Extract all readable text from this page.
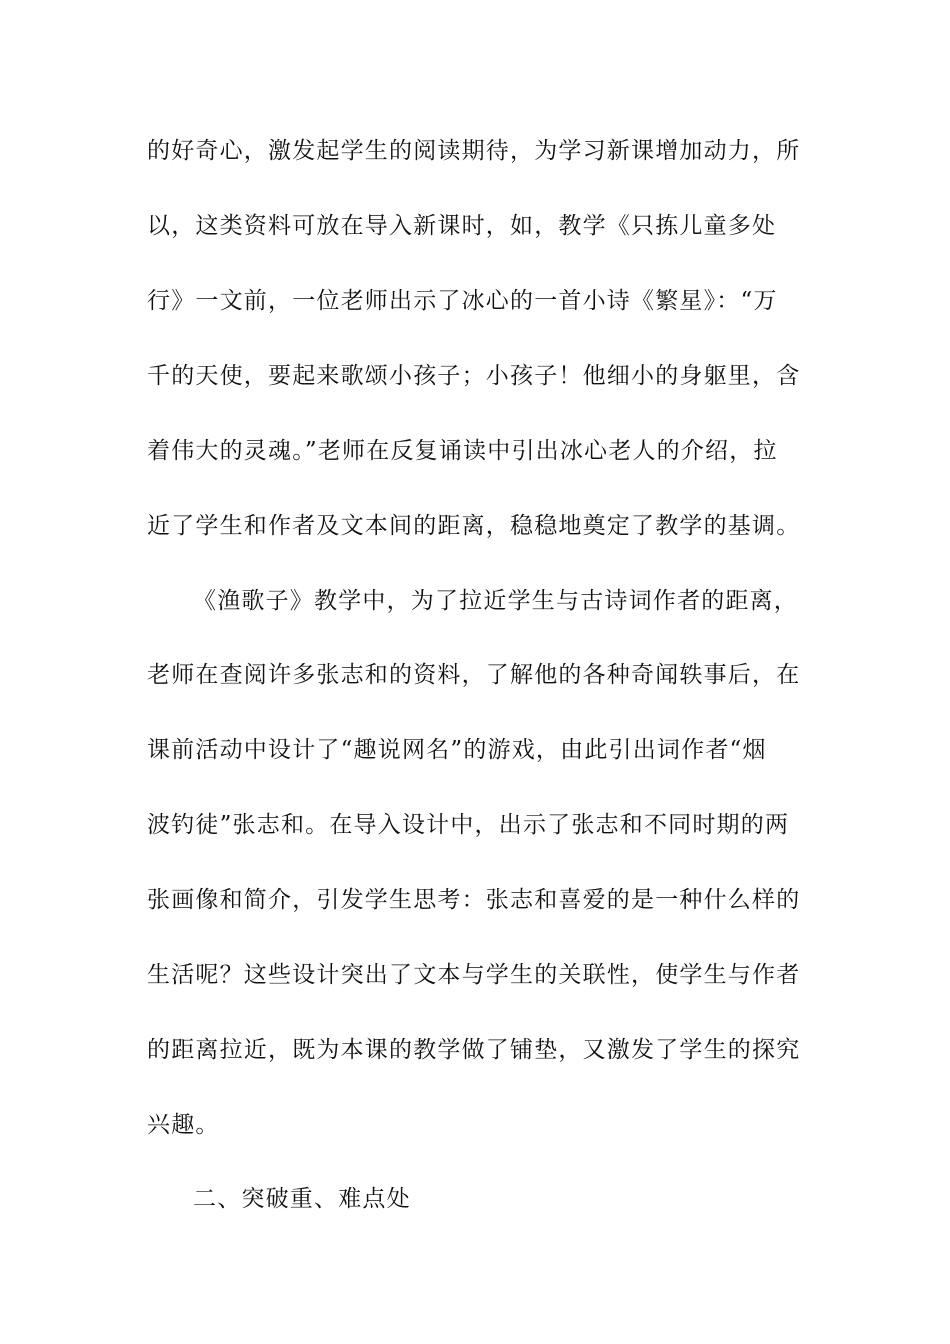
的好奇心，激发起学生的阅读期待，为学习新课增加动力，所
以，这类资料可放在导入新课时，如，教学《只拣儿童多处
行》一文前，一位老师出示了冰心的一首小诗《繁星》：“万
千的天使，要起来歌颂小孩子；小孩子！他细小的身躯里，含
着伟大的灵魂。”老师在反复诵读中引出冰心老人的介绍，拉
近了学生和作者及文本间的距离，稳稳地奠定了教学的基调。
《渔歌子》教学中，为了拉近学生与古诗词作者的距离，
老师在查阅许多张志和的资料，了解他的各种奇闻轶事后，在
课前活动中设计了“趣说网名”的游戏，由此引出词作者“烟
波钓徒”张志和。在导入设计中，出示了张志和不同时期的两
张画像和简介，引发学生思考：张志和喜爱的是一种什么样的
生活呢？这些设计突出了文本与学生的关联性，使学生与作者
的距离拉近，既为本课的教学做了铺垫，又激发了学生的探究
兴趣。
二、突破重、难点处
